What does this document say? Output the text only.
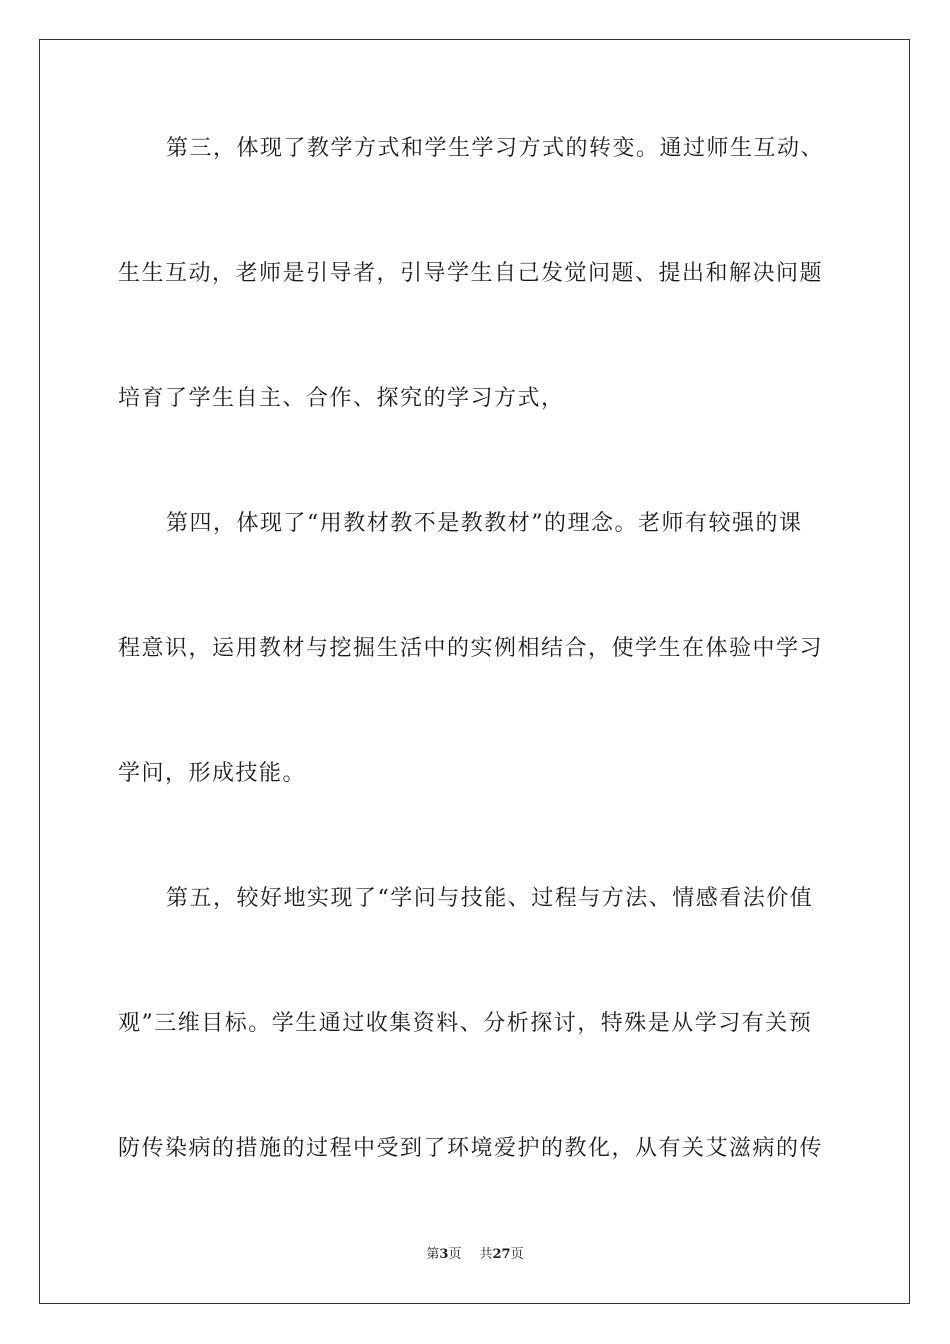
第三，体现了教学方式和学生学习方式的转变。通过师生互动、
生生互动，老师是引导者，引导学生自己发觉问题、提出和解决问题
培育了学生自主、合作、探究的学习方式，
第四，体现了“用教材教不是教教材”的理念。老师有较强的课
程意识，运用教材与挖掘生活中的实例相结合，使学生在体验中学习
学问，形成技能。
第五，较好地实现了“学问与技能、过程与方法、情感看法价值
观”三维目标。学生通过收集资料、分析探讨，特殊是从学习有关预
防传染病的措施的过程中受到了环境爱护的教化，从有关艾滋病的传
第3页 共27页
